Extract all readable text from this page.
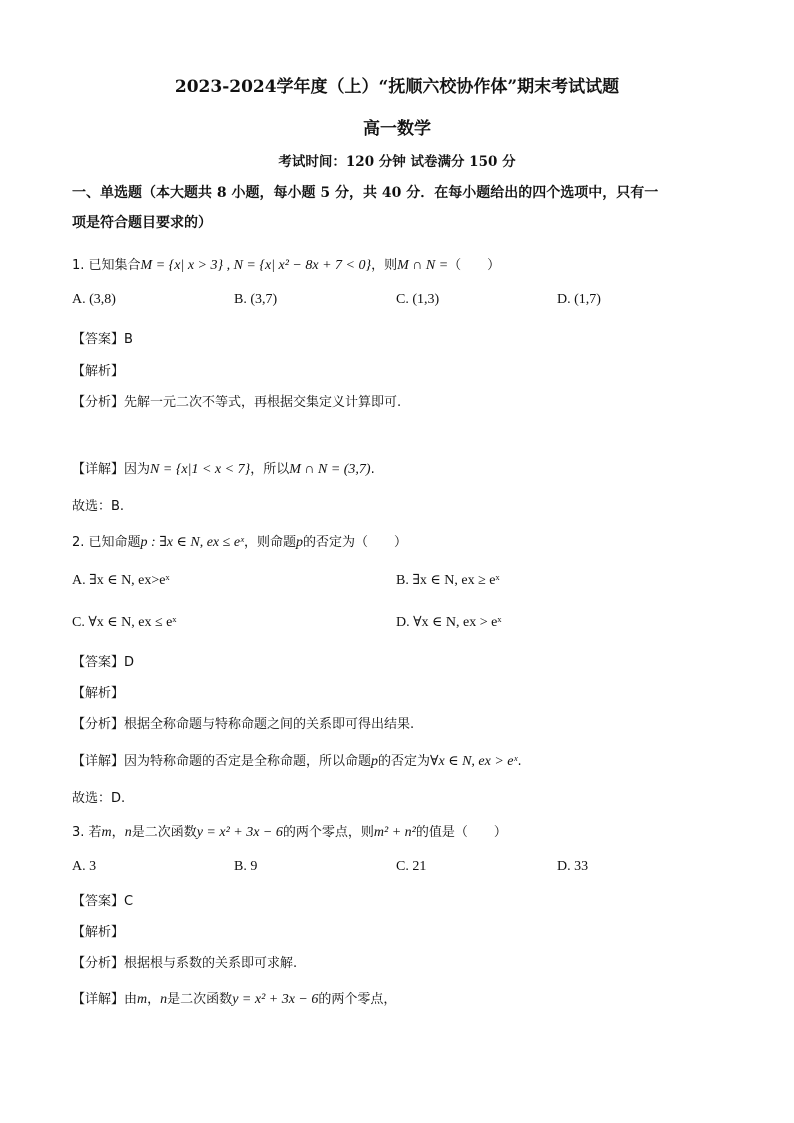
2023-2024学年度（上）“抚顺六校协作体”期末考试试题
高一数学
考试时间：120 分钟 试卷满分 150 分
一、单选题（本大题共 8 小题，每小题 5 分，共 40 分．在每小题给出的四个选项中，只有一
项是符合题目要求的）
1. 已知集合M = {x| x > 3} , N = {x| x² − 8x + 7 < 0}，则M ∩ N =（　　）
A. (3,8)	B. (3,7)	C. (1,3)	D. (1,7)
【答案】B
【解析】
【分析】先解一元二次不等式，再根据交集定义计算即可.
【详解】因为N = {x|1 < x < 7}，所以M ∩ N = (3,7).
故选：B.
2. 已知命题p : ∃x ∈ N, ex ≤ eˣ，则命题p的否定为（　　）
A. ∃x ∈ N, ex>eˣ	B. ∃x ∈ N, ex ≥ eˣ
C. ∀x ∈ N, ex ≤ eˣ	D. ∀x ∈ N, ex > eˣ
【答案】D
【解析】
【分析】根据全称命题与特称命题之间的关系即可得出结果.
【详解】因为特称命题的否定是全称命题，所以命题p的否定为∀x ∈ N, ex > eˣ.
故选：D.
3. 若m，n是二次函数y = x² + 3x − 6的两个零点，则m² + n²的值是（　　）
A. 3	B. 9	C. 21	D. 33
【答案】C
【解析】
【分析】根据根与系数的关系即可求解.
【详解】由m，n是二次函数y = x² + 3x − 6的两个零点，
